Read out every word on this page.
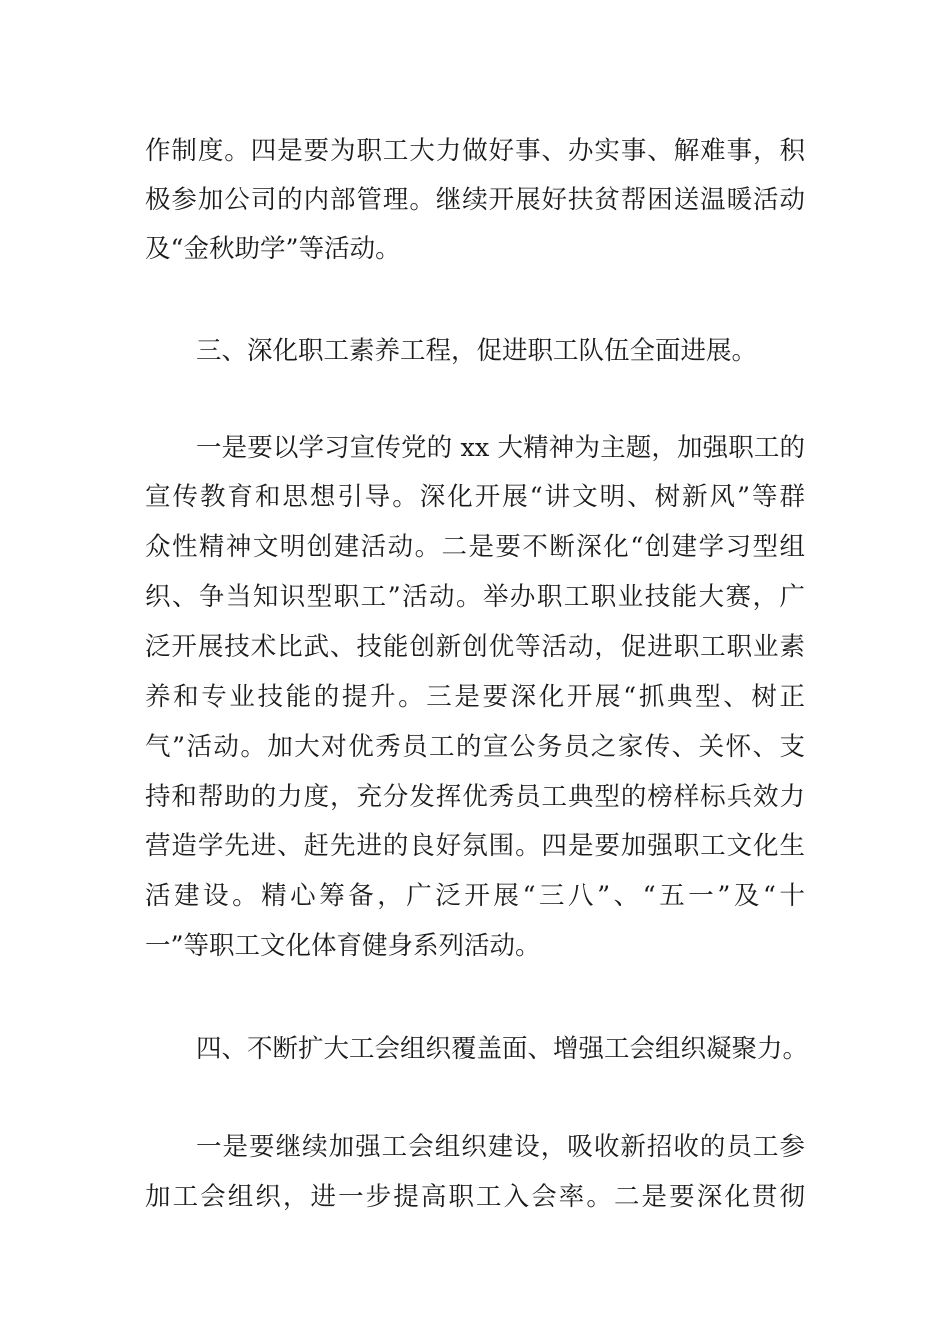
作制度。四是要为职工大力做好事、办实事、解难事，积
极参加公司的内部管理。继续开展好扶贫帮困送温暖活动
及“金秋助学”等活动。
三、深化职工素养工程，促进职工队伍全面进展。
一是要以学习宣传党的 xx 大精神为主题，加强职工的
宣传教育和思想引导。深化开展“讲文明、树新风”等群
众性精神文明创建活动。二是要不断深化“创建学习型组
织、争当知识型职工”活动。举办职工职业技能大赛，广
泛开展技术比武、技能创新创优等活动，促进职工职业素
养和专业技能的提升。三是要深化开展“抓典型、树正
气”活动。加大对优秀员工的宣公务员之家传、关怀、支
持和帮助的力度，充分发挥优秀员工典型的榜样标兵效力
营造学先进、赶先进的良好氛围。四是要加强职工文化生
活建设。精心筹备，广泛开展“三八”、“五一”及“十
一”等职工文化体育健身系列活动。
四、不断扩大工会组织覆盖面、增强工会组织凝聚力。
一是要继续加强工会组织建设，吸收新招收的员工参
加工会组织，进一步提高职工入会率。二是要深化贯彻
